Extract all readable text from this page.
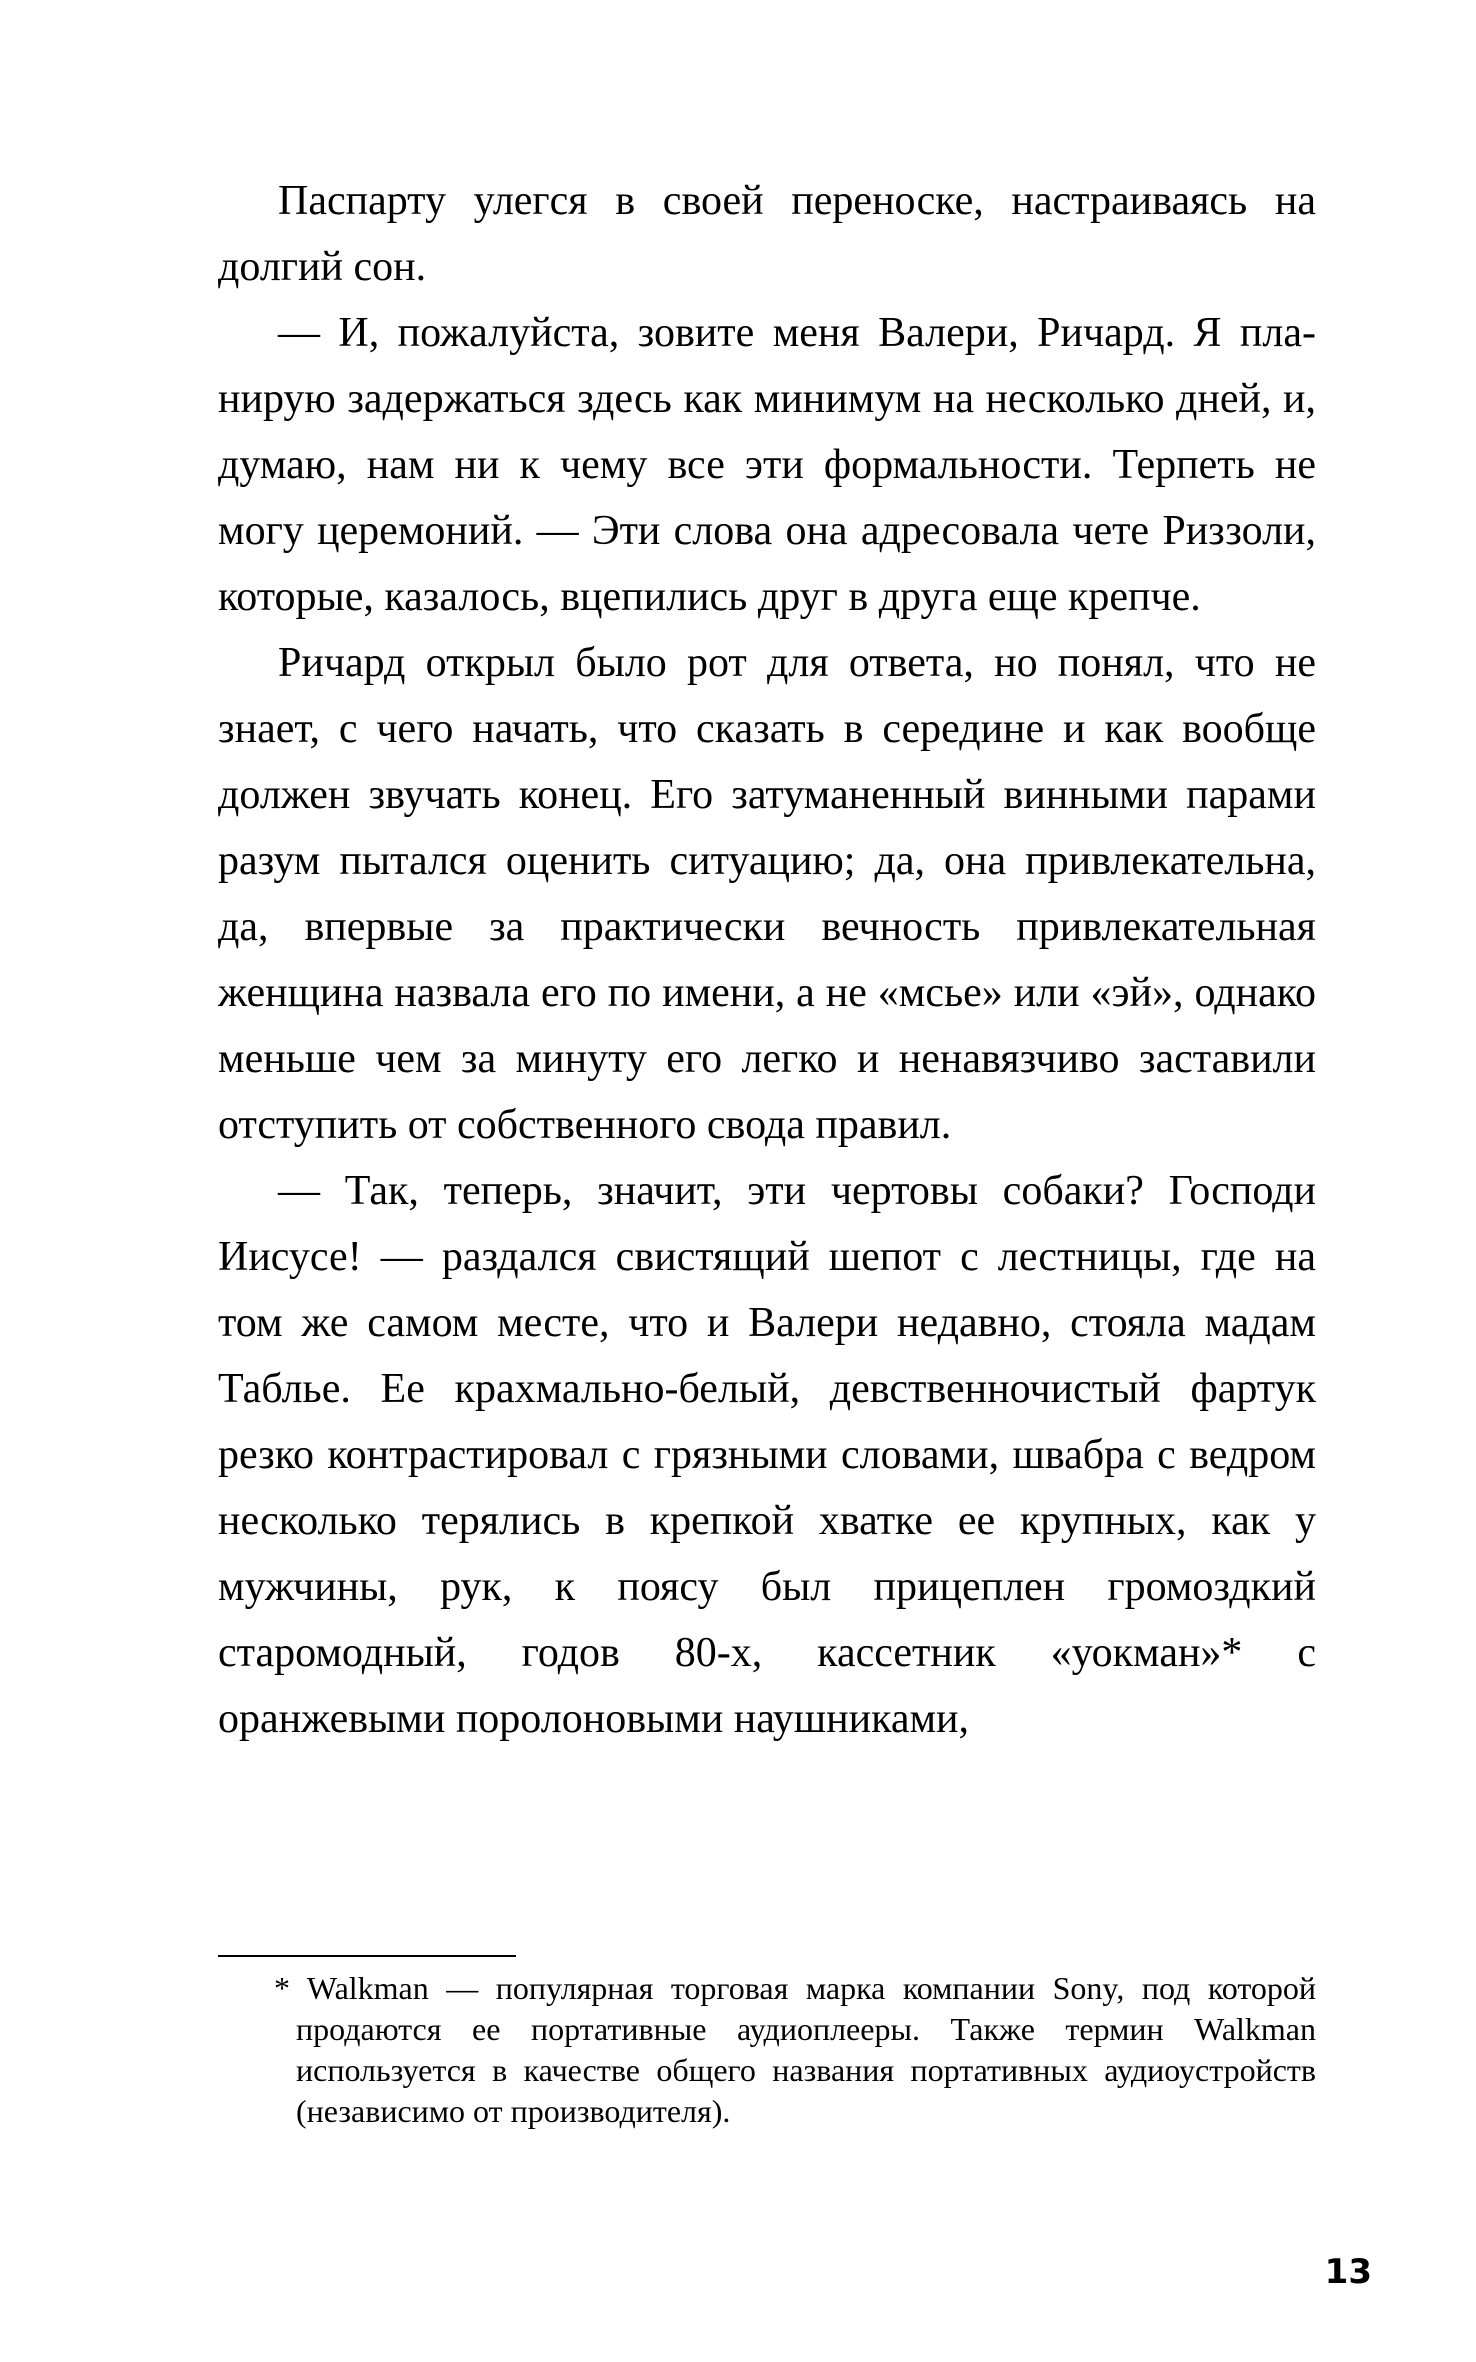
Паспарту улегся в своей переноске, настраиваясь на долгий сон.

— И, пожалуйста, зовите меня Валери, Ричард. Я планирую задержаться здесь как минимум на несколько дней, и, думаю, нам ни к чему все эти формальности. Терпеть не могу церемоний. — Эти слова она адресовала чете Риззоли, которые, казалось, вцепились друг в друга еще крепче.

Ричард открыл было рот для ответа, но понял, что не знает, с чего начать, что сказать в середине и как вообще должен звучать конец. Его затуманенный винными парами разум пытался оценить ситуацию; да, она привлекательна, да, впервые за практически вечность привлекательная женщина назвала его по имени, а не «мсье» или «эй», однако меньше чем за минуту его легко и ненавязчиво заставили отступить от собственного свода правил.

— Так, теперь, значит, эти чертовы собаки? Господи Иисусе! — раздался свистящий шепот с лестницы, где на том же самом месте, что и Валери недавно, стояла мадам Таблье. Ее крахмально-белый, девственночистый фартук резко контрастировал с грязными словами, швабра с ведром несколько терялись в крепкой хватке ее крупных, как у мужчины, рук, к поясу был прицеплен громоздкий старомодный, годов 80-х, кассетник «уокман»* с оранжевыми поролоновыми наушниками,

* Walkman — популярная торговая марка компании Sony, под которой продаются ее портативные аудиоплееры. Также термин Walkman используется в качестве общего названия портативных аудиоустройств (независимо от производителя).

13
